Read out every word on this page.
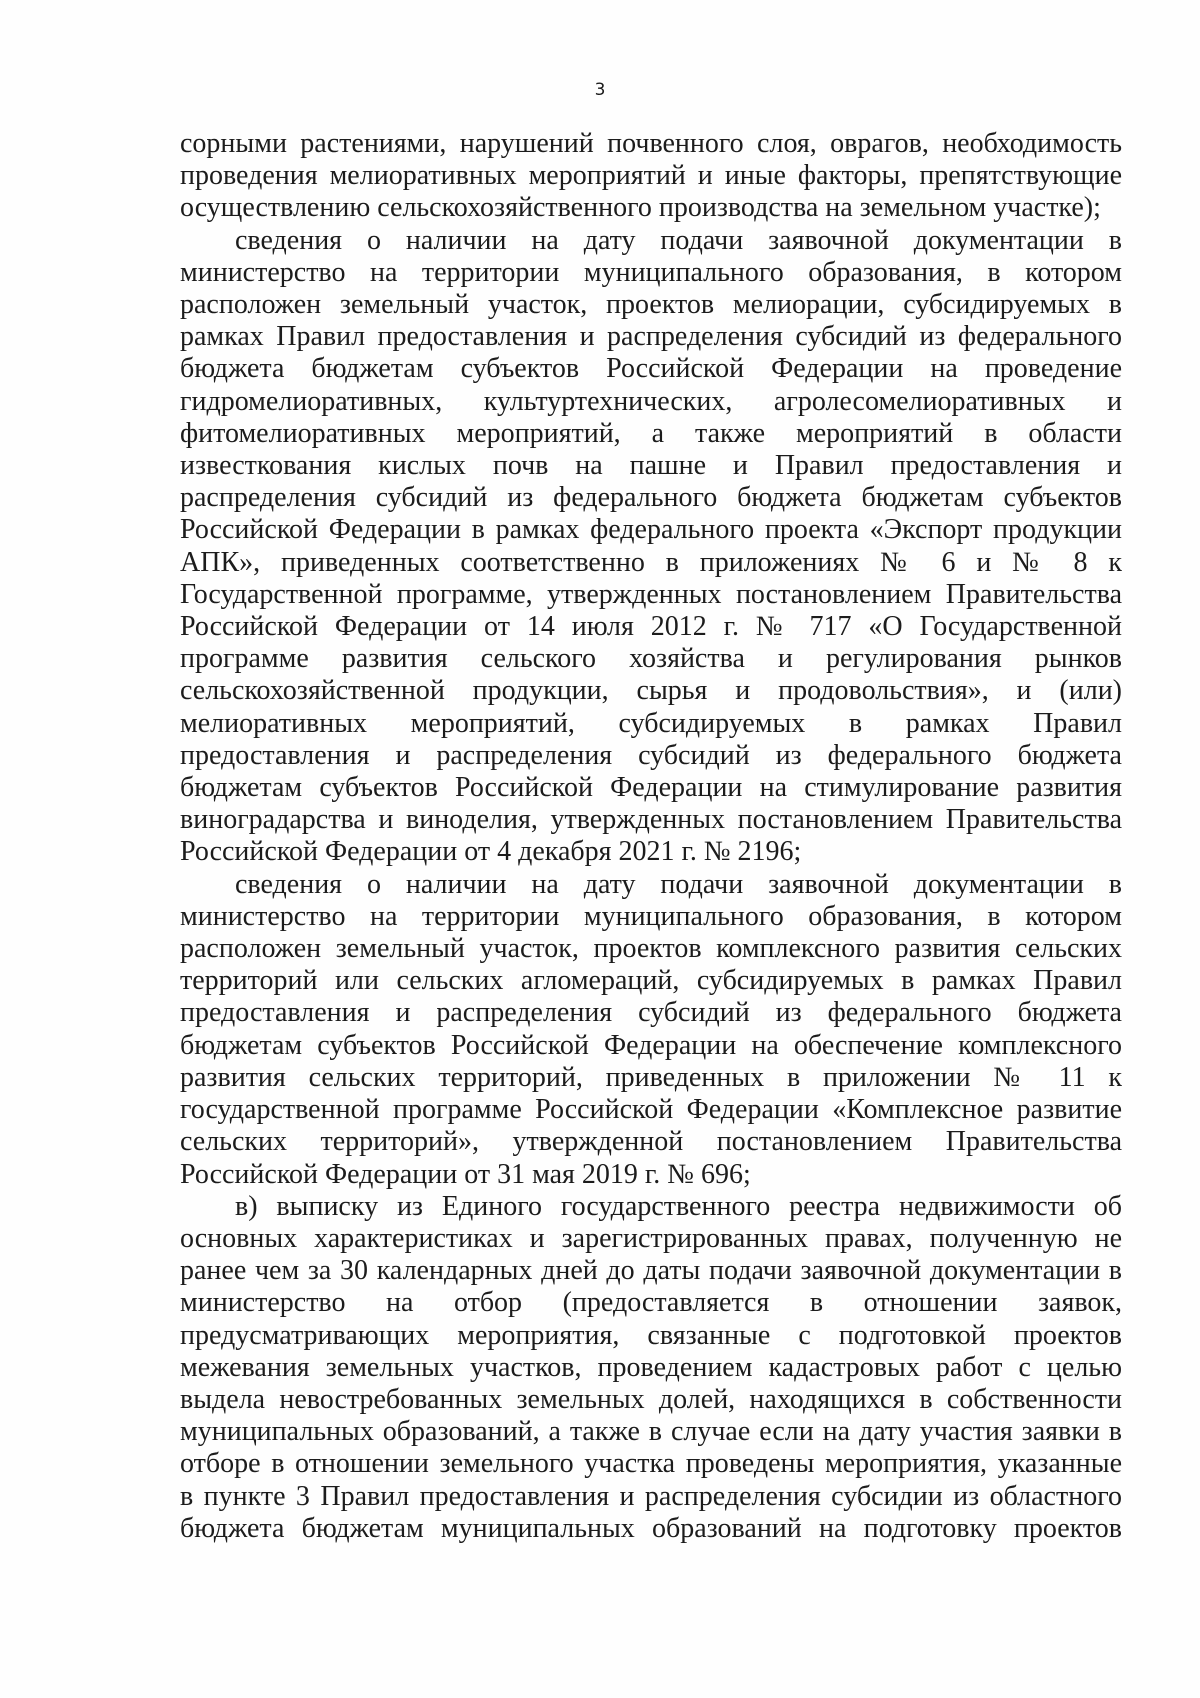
3
сорными растениями, нарушений почвенного слоя, оврагов, необходимость
проведения мелиоративных мероприятий и иные факторы, препятствующие
осуществлению сельскохозяйственного производства на земельном участке);
сведения о наличии на дату подачи заявочной документации в
министерство на территории муниципального образования, в котором
расположен земельный участок, проектов мелиорации, субсидируемых в
рамках Правил предоставления и распределения субсидий из федерального
бюджета бюджетам субъектов Российской Федерации на проведение
гидромелиоративных, культуртехнических, агролесомелиоративных и
фитомелиоративных мероприятий, а также мероприятий в области
известкования кислых почв на пашне и Правил предоставления и
распределения субсидий из федерального бюджета бюджетам субъектов
Российской Федерации в рамках федерального проекта «Экспорт продукции
АПК», приведенных соответственно в приложениях № 6 и № 8 к
Государственной программе, утвержденных постановлением Правительства
Российской Федерации от 14 июля 2012 г. № 717 «О Государственной
программе развития сельского хозяйства и регулирования рынков
сельскохозяйственной продукции, сырья и продовольствия», и (или)
мелиоративных мероприятий, субсидируемых в рамках Правил
предоставления и распределения субсидий из федерального бюджета
бюджетам субъектов Российской Федерации на стимулирование развития
виноградарства и виноделия, утвержденных постановлением Правительства
Российской Федерации от 4 декабря 2021 г. № 2196;
сведения о наличии на дату подачи заявочной документации в
министерство на территории муниципального образования, в котором
расположен земельный участок, проектов комплексного развития сельских
территорий или сельских агломераций, субсидируемых в рамках Правил
предоставления и распределения субсидий из федерального бюджета
бюджетам субъектов Российской Федерации на обеспечение комплексного
развития сельских территорий, приведенных в приложении № 11 к
государственной программе Российской Федерации «Комплексное развитие
сельских территорий», утвержденной постановлением Правительства
Российской Федерации от 31 мая 2019 г. № 696;
в) выписку из Единого государственного реестра недвижимости об
основных характеристиках и зарегистрированных правах, полученную не
ранее чем за 30 календарных дней до даты подачи заявочной документации в
министерство на отбор (предоставляется в отношении заявок,
предусматривающих мероприятия, связанные с подготовкой проектов
межевания земельных участков, проведением кадастровых работ с целью
выдела невостребованных земельных долей, находящихся в собственности
муниципальных образований, а также в случае если на дату участия заявки в
отборе в отношении земельного участка проведены мероприятия, указанные
в пункте 3 Правил предоставления и распределения субсидии из областного
бюджета бюджетам муниципальных образований на подготовку проектов
